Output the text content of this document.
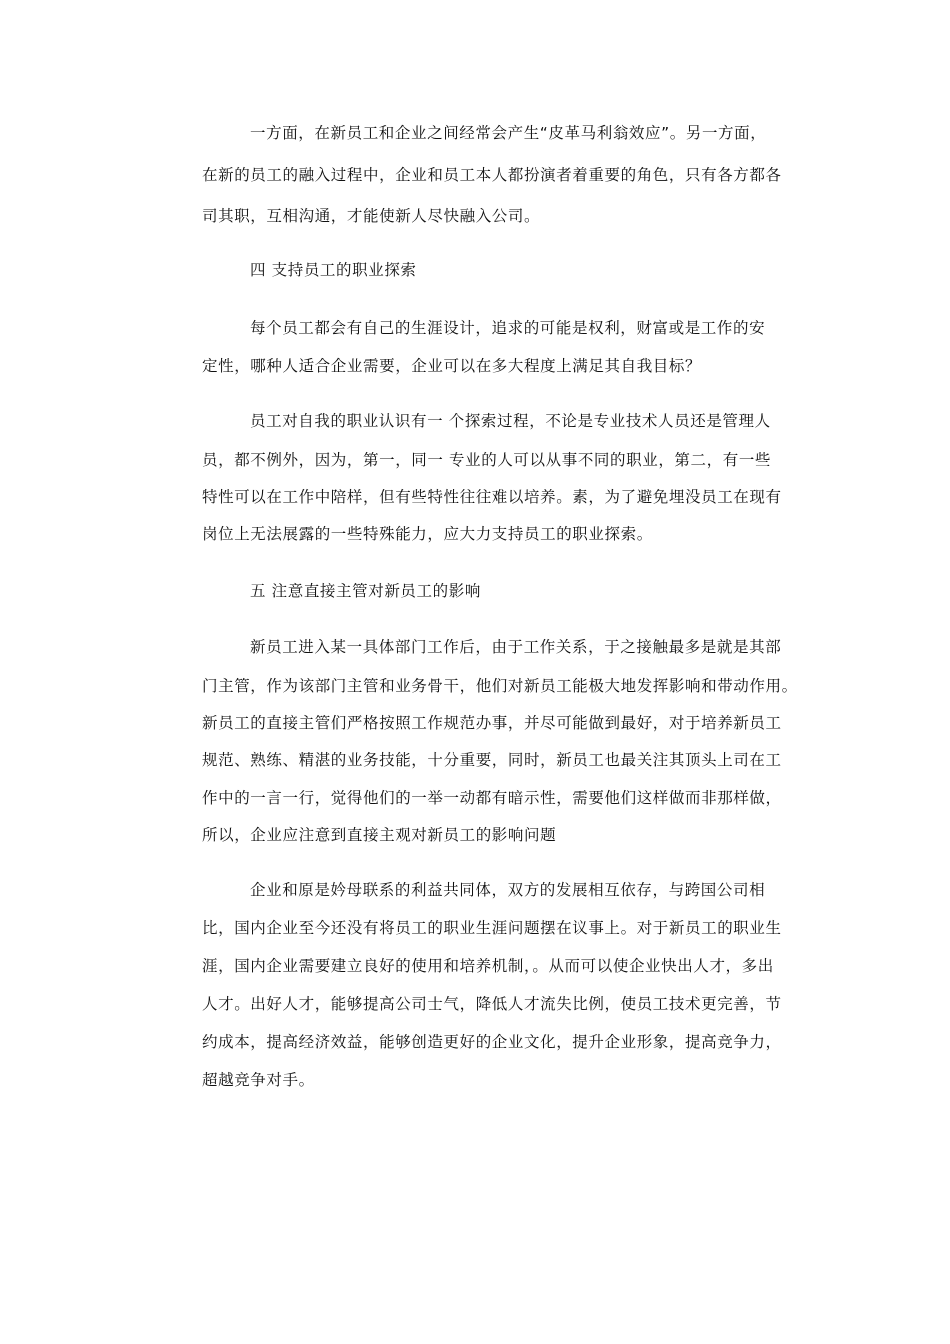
一方面，在新员工和企业之间经常会产生“皮革马利翁效应”。另一方面，
在新的员工的融入过程中，企业和员工本人都扮演者着重要的角色，只有各方都各
司其职，互相沟通，才能使新人尽快融入公司。
四 支持员工的职业探索
每个员工都会有自己的生涯设计，追求的可能是权利，财富或是工作的安
定性，哪种人适合企业需要，企业可以在多大程度上满足其自我目标？
员工对自我的职业认识有一 个探索过程，不论是专业技术人员还是管理人
员，都不例外，因为，第一，同一 专业的人可以从事不同的职业，第二，有一些
特性可以在工作中陪样，但有些特性往往难以培养。素，为了避免埋没员工在现有
岗位上无法展露的一些特殊能力，应大力支持员工的职业探索。
五 注意直接主管对新员工的影响
新员工进入某一具体部门工作后，由于工作关系，于之接触最多是就是其部
门主管，作为该部门主管和业务骨干，他们对新员工能极大地发挥影响和带动作用。
新员工的直接主管们严格按照工作规范办事，并尽可能做到最好，对于培养新员工
规范、熟练、精湛的业务技能，十分重要，同时，新员工也最关注其顶头上司在工
作中的一言一行，觉得他们的一举一动都有暗示性，需要他们这样做而非那样做，
所以，企业应注意到直接主观对新员工的影响问题
企业和原是妗母联系的利益共同体，双方的发展相互依存，与跨国公司相
比，国内企业至今还没有将员工的职业生涯问题摆在议事上。对于新员工的职业生
涯，国内企业需要建立良好的使用和培养机制，。从而可以使企业快出人才，多出
人才。出好人才，能够提高公司士气，降低人才流失比例，使员工技术更完善，节
约成本，提高经济效益，能够创造更好的企业文化，提升企业形象，提高竞争力，
超越竞争对手。
